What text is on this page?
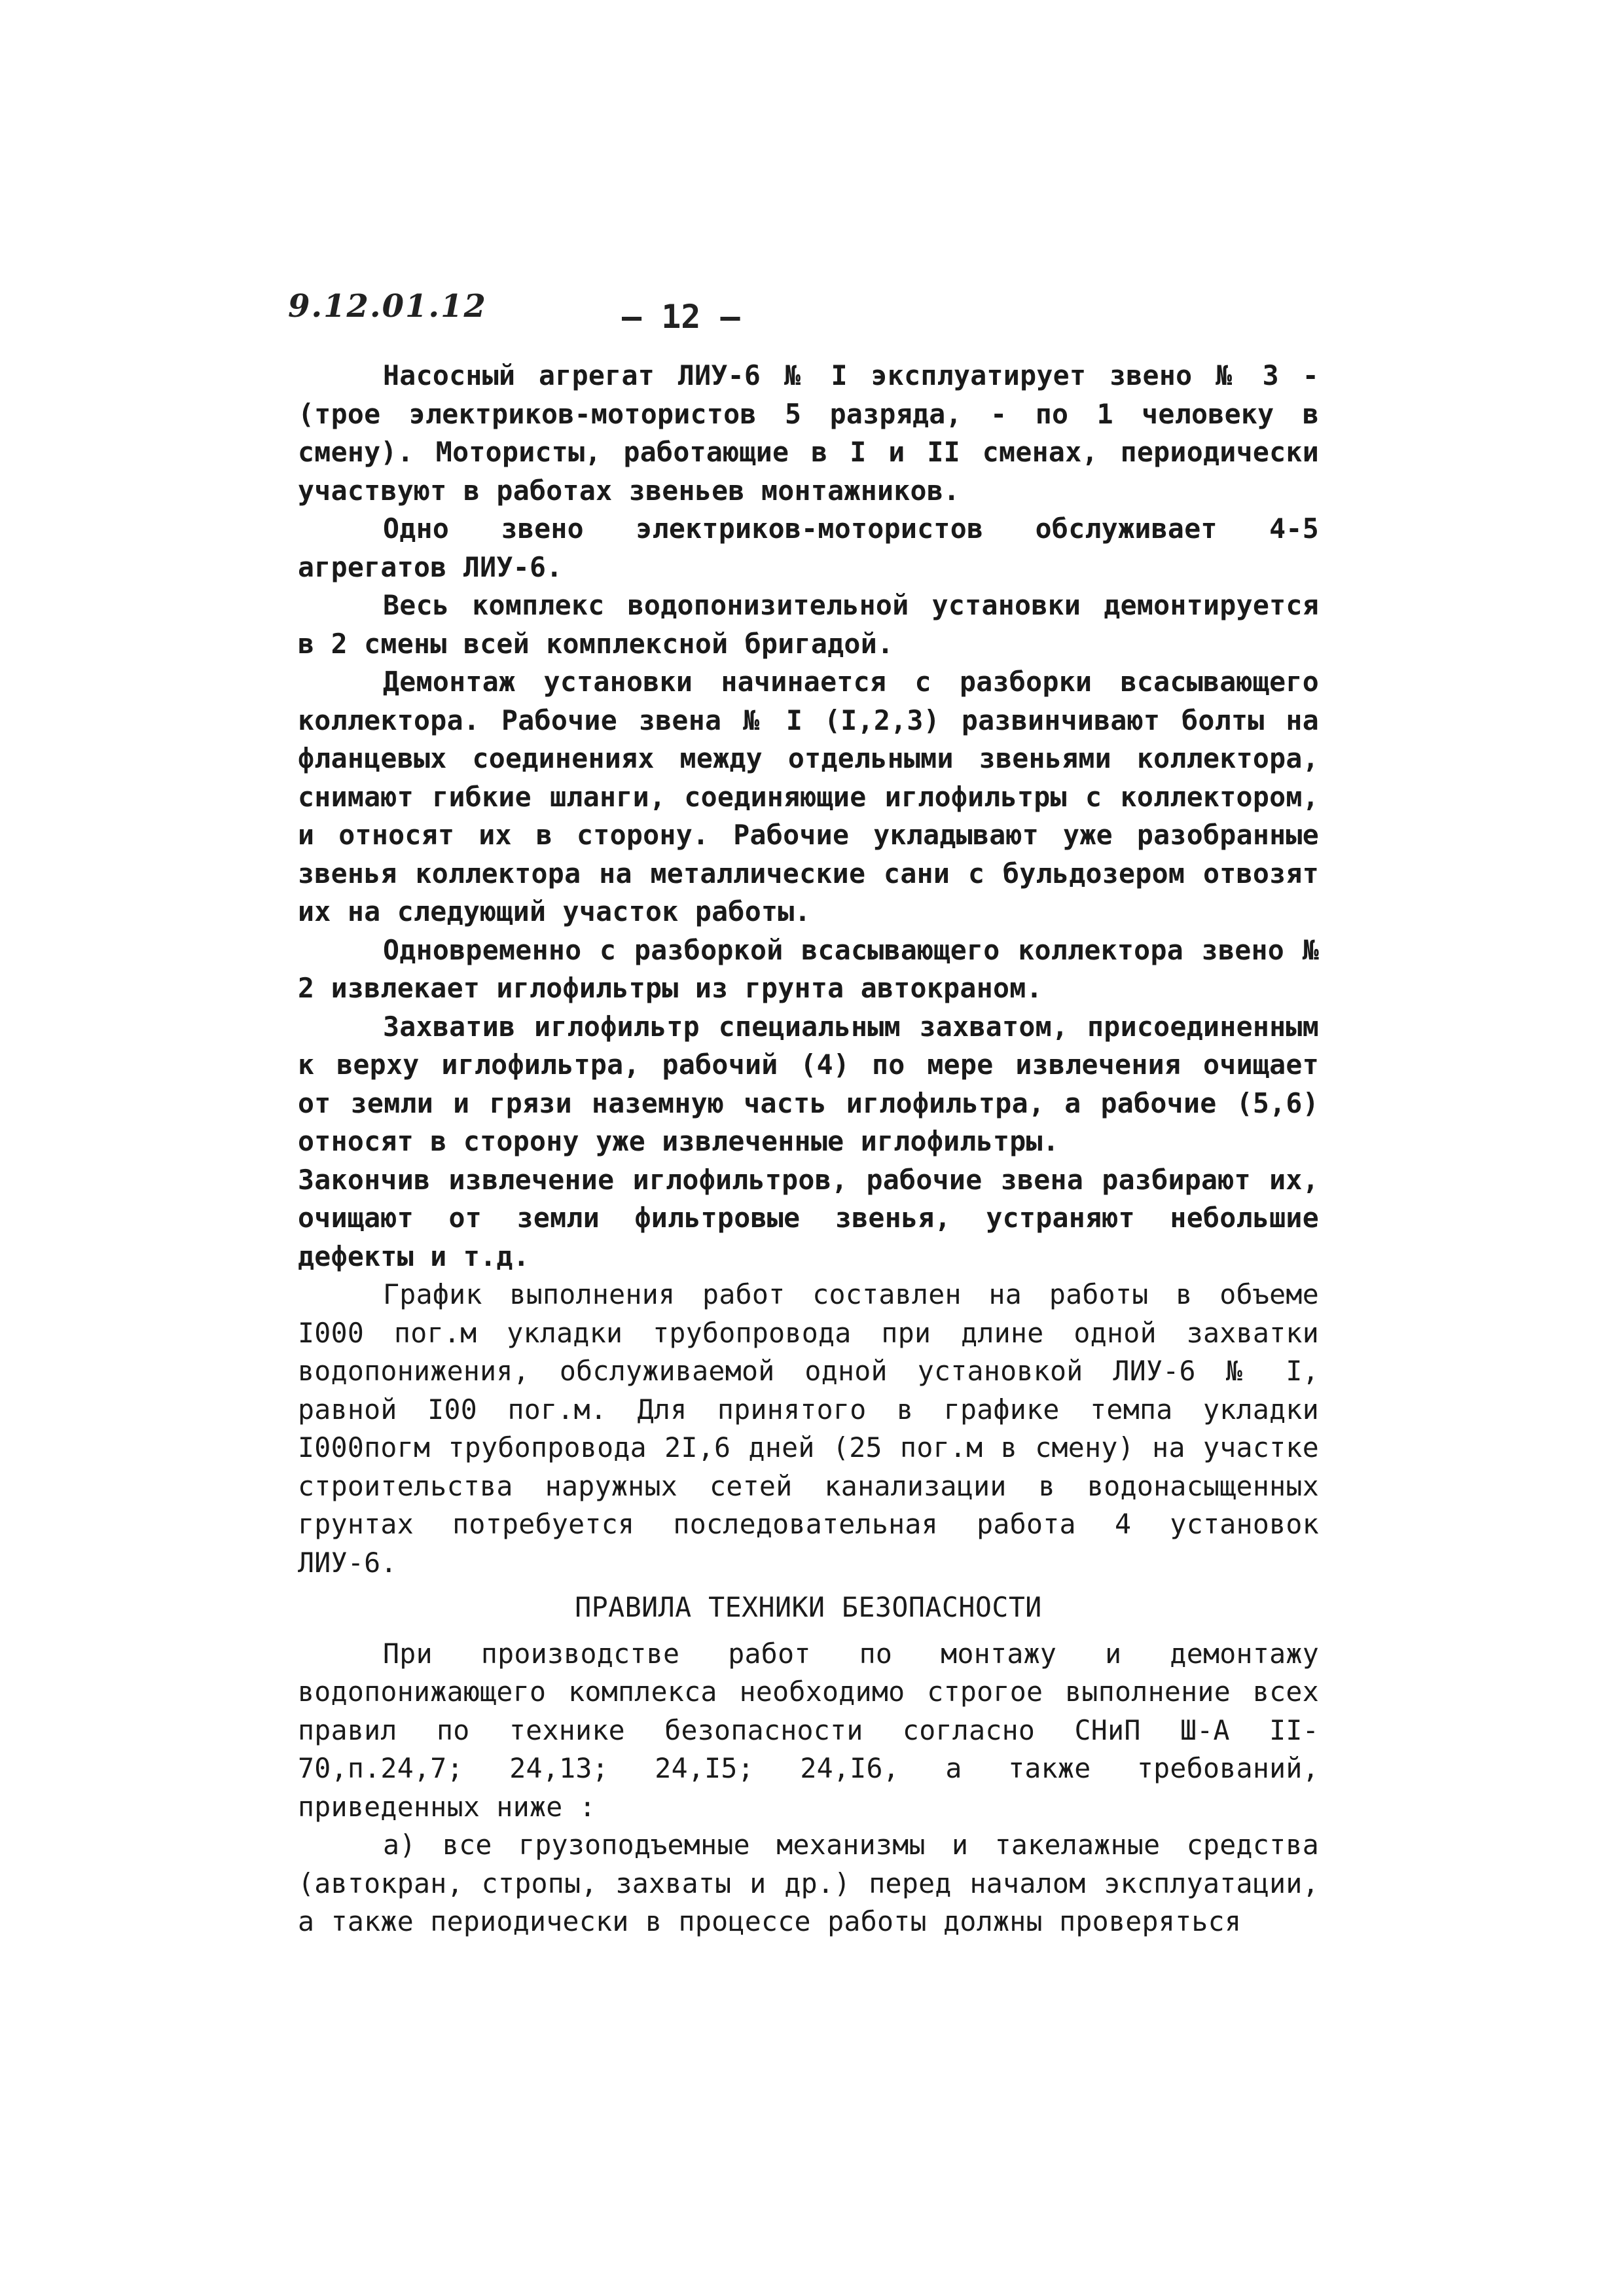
9.12.01.12	– 12 –

Насосный агрегат ЛИУ-6 № I эксплуатирует звено № 3 - (трое электриков-мотористов 5 разряда, - по 1 человеку в смену). Мотористы, работающие в I и II сменах, периодически участвуют в работах звеньев монтажников.

Одно звено электриков-мотористов обслуживает 4-5 агрегатов ЛИУ-6.

Весь комплекс водопонизительной установки демонтируется в 2 смены всей комплексной бригадой.

Демонтаж установки начинается с разборки всасывающего коллектора. Рабочие звена № I (I,2,3) развинчивают болты на фланцевых соединениях между отдельными звеньями коллектора, снимают гибкие шланги, соединяющие иглофильтры с коллектором, и относят их в сторону. Рабочие укладывают уже разобранные звенья коллектора на металлические сани с бульдозером отвозят их на следующий участок работы.

Одновременно с разборкой всасывающего коллектора звено № 2 извлекает иглофильтры из грунта автокраном.

Захватив иглофильтр специальным захватом, присоединенным к верху иглофильтра, рабочий (4) по мере извлечения очищает от земли и грязи наземную часть иглофильтра, а рабочие (5,6) относят в сторону уже извлеченные иглофильтры.

Закончив извлечение иглофильтров, рабочие звена разбирают их, очищают от земли фильтровые звенья, устраняют небольшие дефекты и т.д.

График выполнения работ составлен на работы в объеме I000 пог.м укладки трубопровода при длине одной захватки водопонижения, обслуживаемой одной установкой ЛИУ-6 № I, равной I00 пог.м. Для принятого в графике темпа укладки I000погм трубопровода 2I,6 дней (25 пог.м в смену) на участке строительства наружных сетей канализации в водонасыщенных грунтах потребуется последовательная работа 4 установок ЛИУ-6.

ПРАВИЛА ТЕХНИКИ БЕЗОПАСНОСТИ

При производстве работ по монтажу и демонтажу водопонижающего комплекса необходимо строгое выполнение всех правил по технике безопасности согласно СНиП Ш-А II-70,п.24,7; 24,13; 24,I5; 24,I6, а также требований, приведенных ниже :

а) все грузоподъемные механизмы и такелажные средства (автокран, стропы, захваты и др.) перед началом эксплуатации, а также периодически в процессе работы должны проверяться
